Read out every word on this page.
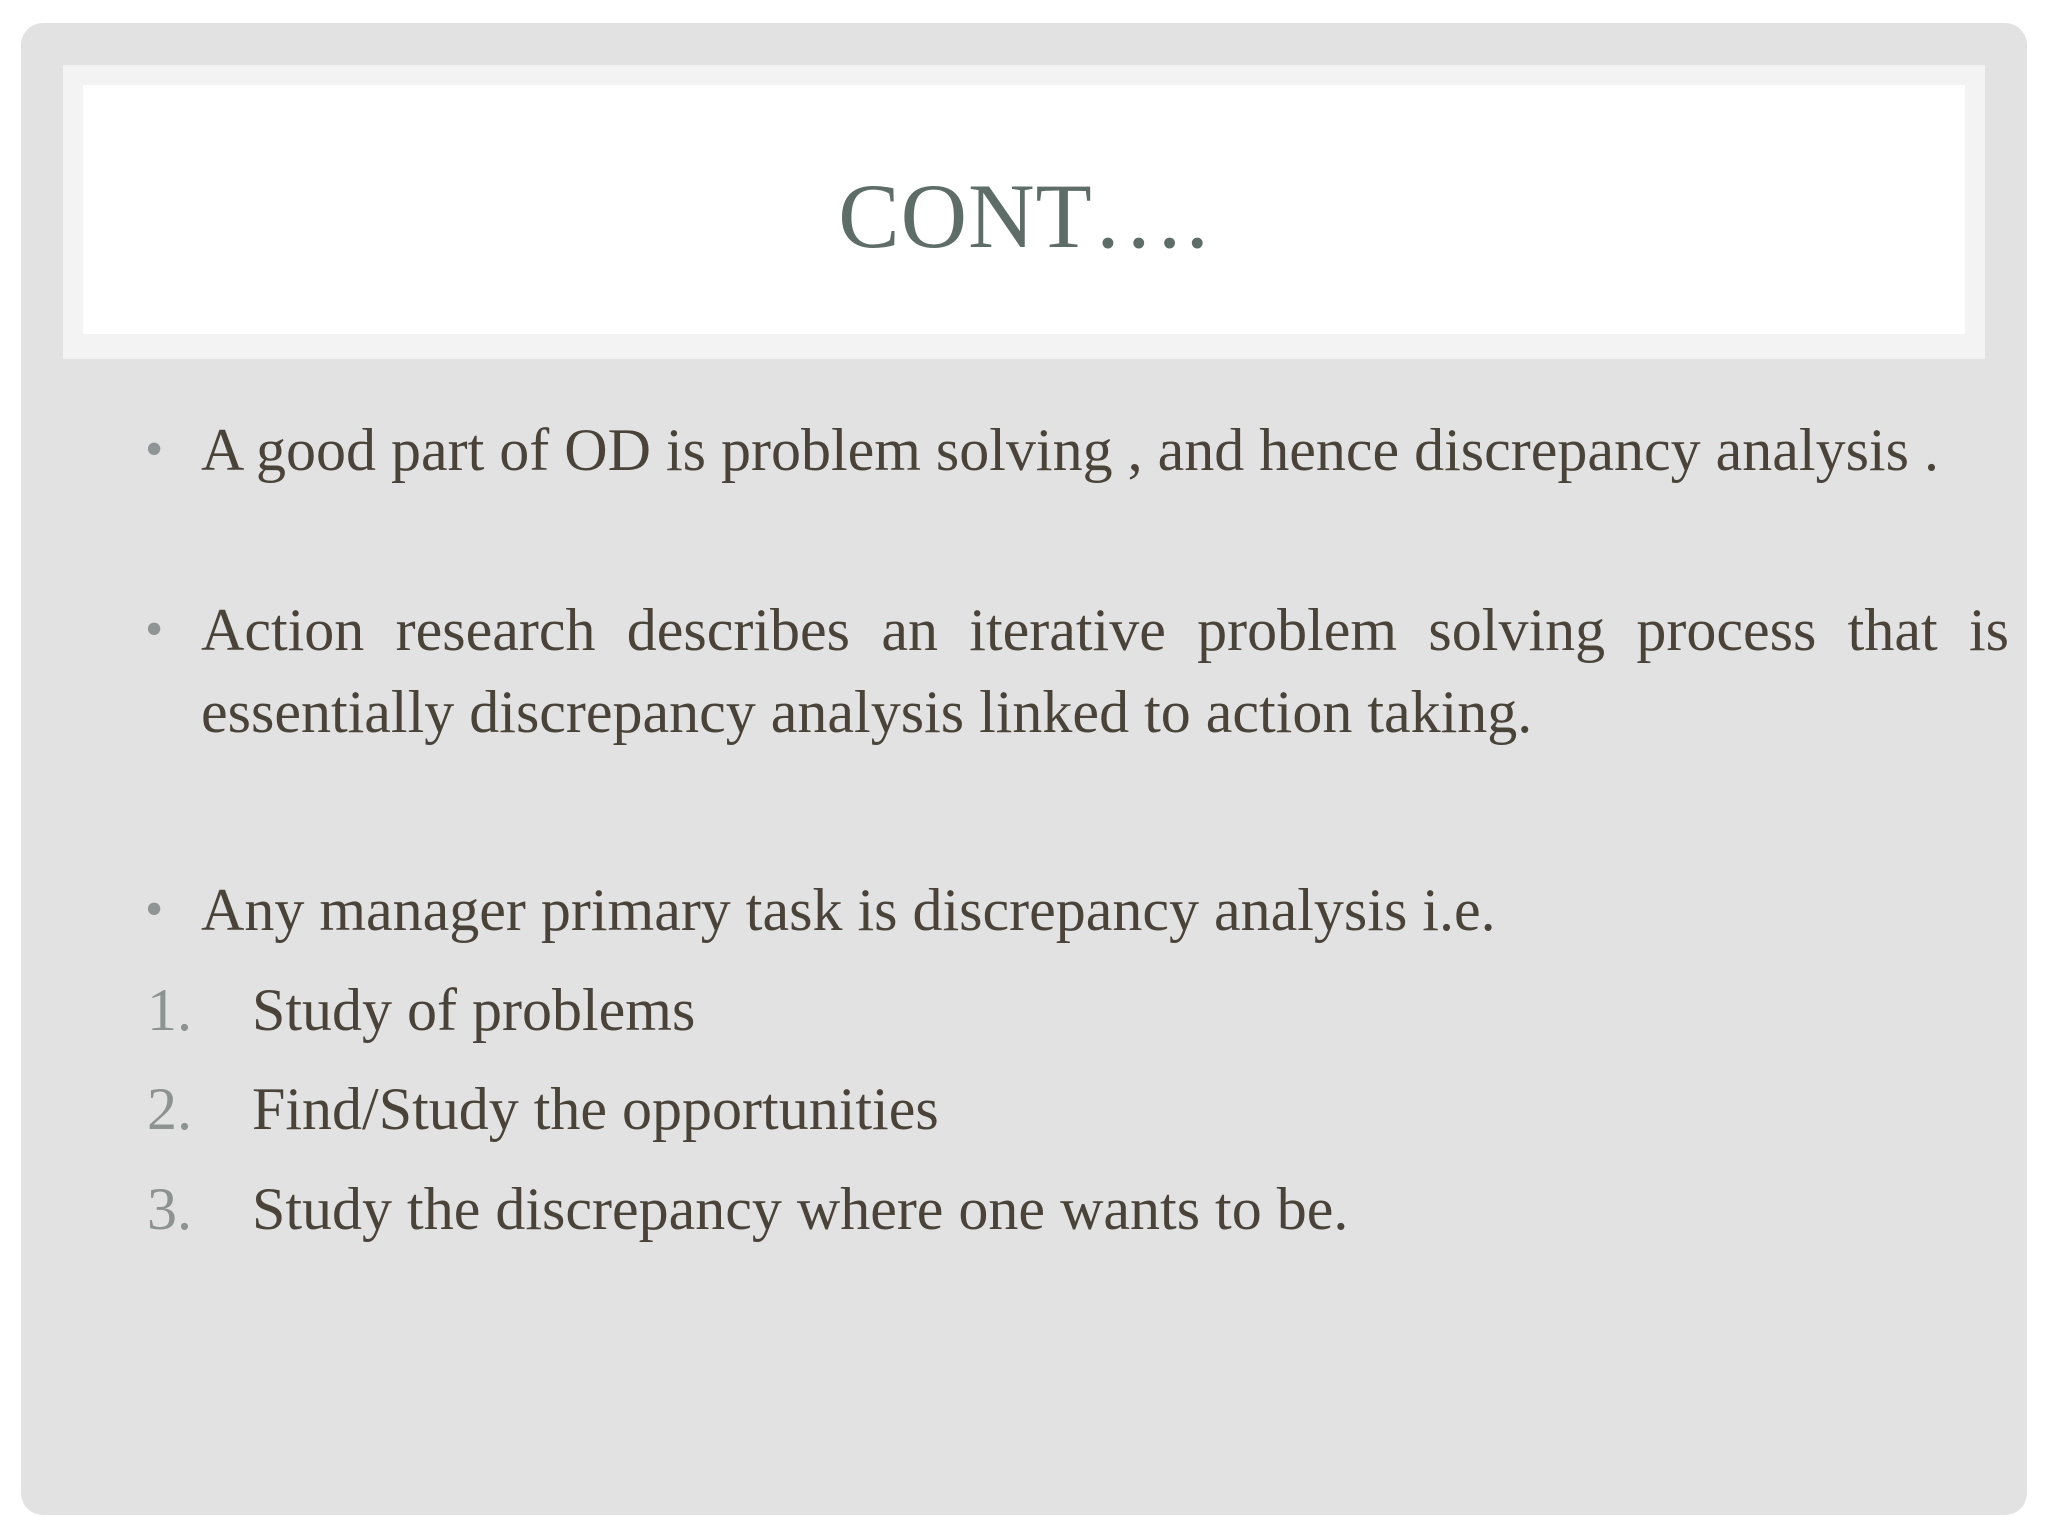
CONT….
• A good part of OD is problem solving , and hence discrepancy analysis .
• Action research describes an iterative problem solving process that is essentially discrepancy analysis linked to action taking.
• Any manager primary task is discrepancy analysis i.e.
1. Study of problems
2. Find/Study the opportunities
3. Study the discrepancy where one wants to be.
